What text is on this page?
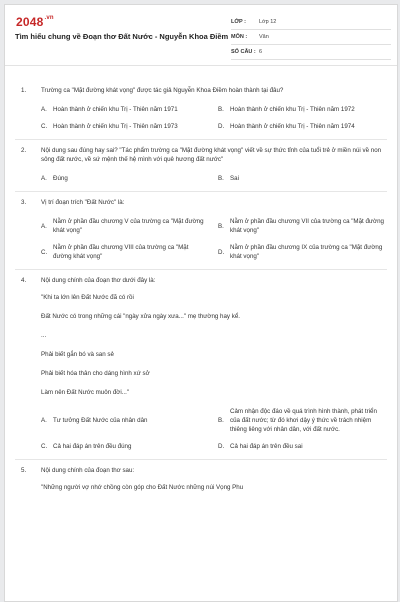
$2048^{.vn}$
Tìm hiểu chung về Đoạn thơ Đất Nước - Nguyễn Khoa Điềm
LỚP :	Lớp 12
MÔN :	Văn
SỐ CÂU : 6
1. Trường ca "Mặt đường khát vọng" được tác giả Nguyễn Khoa Điềm hoàn thành tại đâu?
A. Hoàn thành ở chiến khu Trị - Thiên năm 1971	B. Hoàn thành ở chiến khu Trị - Thiên năm 1972
C. Hoàn thành ở chiến khu Trị - Thiên năm 1973	D. Hoàn thành ở chiến khu Trị - Thiên năm 1974
2. Nội dung sau đúng hay sai? "Tác phẩm trường ca "Mặt đường khát vọng" viết về sự thức tỉnh của tuổi trẻ ở miền núi về non sông đất nước, về sứ mệnh thế hệ mình với quê hương đất nước"
A. Đúng	B. Sai
3. Vị trí đoạn trích "Đất Nước" là:
A.
Nằm ở phần đầu chương V của trường ca "Mặt đường khát vọng"
B.
Nằm ở phần đầu chương VII của trường ca "Mặt đường khát vọng"
C.
Nằm ở phần đầu chương VIII của trường ca "Mặt đường khát vọng"
D.
Nằm ở phần đầu chương IX của trường ca "Mặt đường khát vọng"
4. Nội dung chính của đoạn thơ dưới đây là:
"Khi ta lớn lên Đất Nước đã có rồi
Đất Nước có trong những cái "ngày xửa ngày xưa..." mẹ thường hay kể.
...
Phải biết gắn bó và san sẻ
Phải biết hóa thân cho dáng hình xứ sở
Làm nên Đất Nước muôn đời..."
A. Tư tưởng Đất Nước của nhân dân	B.
Cảm nhận độc đáo về quá trình hình thành, phát triển của đất nước; từ đó khơi dậy ý thức về trách nhiệm thiêng liêng với nhân dân, với đất nước.
C. Cả hai đáp án trên đều đúng	D. Cả hai đáp án trên đều sai
5. Nội dung chính của đoạn thơ sau:
"Những người vợ nhớ chồng còn góp cho Đất Nước những núi Vọng Phu
